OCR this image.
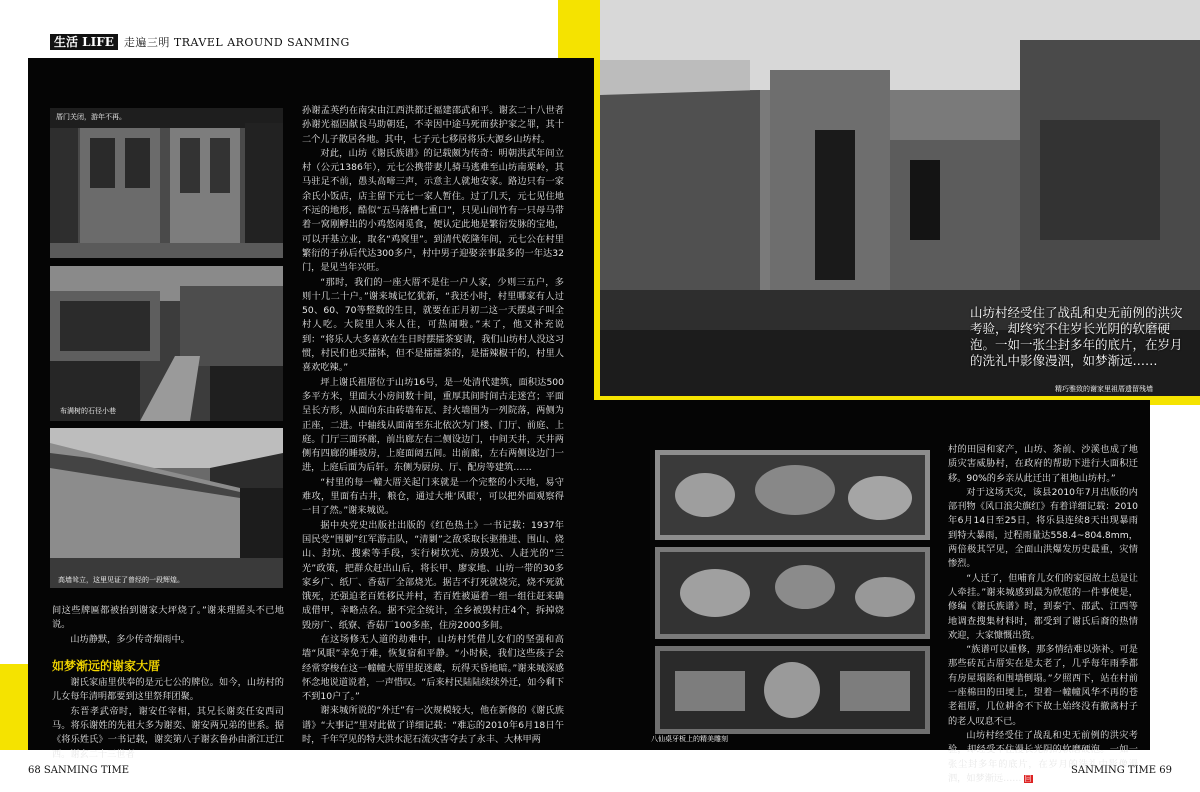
生活 LIFE 走遍三明 TRAVEL AROUND SANMING
厝门关闭，游年不再。
布满树的石径小巷
高墙耸立，这里见证了曾经的一段辉煌。

间这些牌匾都被抬到谢家大坪烧了。”谢来理摇头不已地说。

山坊静默，多少传奇烟雨中。

如梦渐远的谢家大厝

谢氏家庙里供奉的是元七公的牌位。如今，山坊村的儿女每年清明都要到这里祭拜团聚。

东晋孝武帝时，谢安任宰相，其兄长谢奕任安西司马。将乐谢姓的先祖大多为谢奕、谢安两兄弟的世系。据《将乐姓氏》一书记载，谢奕第八子谢玄鲁孙由浙江迁江西。谢玄二十三世者

孙谢孟英约在南宋由江西洪都迁福建邵武和平。谢玄二十八世者孙谢光福因献良马助朝廷，不幸因中途马死而获护家之罪，其十二个儿子散居各地。其中，七子元七移居将乐大源乡山坊村。

对此，山坊《谢氏族谱》的记载颇为传奇：明朝洪武年间立村（公元1386年），元七公携带妻儿骑马逃难至山坊南栗岭，其马驻足不前，愚头高啼三声，示意主人就地安家。路边只有一家余氏小饭店，店主留下元七一家人暂住。过了几天，元七见住地不远的地形，酷似“五马落槽七重口”，只见山间竹有一只母马带着一窝刚孵出的小鸡悠闲觅食，便认定此地是繁衍发脉的宝地，可以开基立业，取名“鸡窝里”。到清代乾隆年间，元七公在村里繁衍的子孙后代达300多户，村中男子迎娶亲事最多的一年达32门，是见当年兴旺。

“那时，我们的一座大厝不是住一户人家，少则三五户，多则十几二十户。”谢来城记忆犹新，“我还小时，村里哪家有人过50、60、70等整数的生日，就要在正月初二这一天摆桌子叫全村人吃。大院里人来人往，可热闹啦。”末了，他又补充说到：“将乐人大多喜欢在生日时摆擂茶宴请，我们山坊村人没这习惯，村民们也买擂钵，但不是擂擂茶的，是擂辣椒干的，村里人喜欢吃辣。”

坪上谢氏祖厝位于山坊16号，是一处清代建筑，面积达500多平方米，里面大小房间数十间，重厚其间时间古走迷宫；平面呈长方形，从面向东由砖墙布瓦、封火墙围为一列院落，两侧为正座，二进。中轴线从面南至东北依次为门楼、门厅、前庭、上庭。门厅三面环廊，前出廊左右二侧设边门，中间天井，天井两侧有四廊的睡坡房，上庭面阔五间。出前廊，左右两侧设边门一进，上庭后面为后轩。东侧为厨房、厅、配房等建筑……

“村里的每一幢大厝关起门来就是一个完整的小天地，易守难攻，里面有古井，粮仓，通过大堆‘风眼’，可以把外面观察得一目了然。”谢来城说。

据中央党史出版社出版的《红色热土》一书记载：1937年国民党“围剿”红军游击队，“清剿”之敌采取长驱推进、围山、烧山、封坑、搜索等手段，实行树坎光、房毁光、人赶光的“三光”政策，把群众赶出山后，将长甲、廖家地、山坊一带的30多家乡广、纸厂、香菇厂全部烧光。据吉不打死就烧完，烧不死就饿死，还强迫老百姓移民并村，若百姓被逼着一组一组往赶来确成借甲，幸略点名。据不完全统计，全乡被毁村庄4个，拆掉烧毁房广、纸寮、香菇厂100多座，住房2000多间。

在这场修无人道的劫难中，山坊村凭借儿女们的坚强和高墙“风眼”幸免于难，恢复宿和平静。“小时候，我们这些孩子会经常穿梭在这一幢幢大厝里捉迷藏，玩得天昏地暗。”谢来城深感怀念地说道说着，一声惜叹。“后来村民陆陆续续外迁，如今剩下不到10户了。”

谢来城所说的“外迁”有一次规模较大，他在新修的《谢氏族谱》“大事记”里对此做了详细记载：“难忘的2010年6月18日午时，千年罕见的特大洪水泥石流灾害夺去了永丰、大林甲两

山坊村经受住了战乱和史无前例的洪灾考验，却终究不住岁长光阴的软磨硬泡。一如一张尘封多年的底片，在岁月的洗礼中影像漫泗，如梦渐远……
精巧雅致的谢家里祖厝遗留残墙
八仙桌牙板上的精美雕刻

村的田园和家产，山坊、茶前、沙溪也成了地质灾害威胁村，在政府的帮助下进行大面积迁移。90%的乡亲从此迁出了祖地山坊村。”

对于这场天灾，该县2010年7月出版的内部刊物《风口浪尖旗红》有着详细记载：2010年6月14日至25日，将乐县连续8天出现暴雨到特大暴雨，过程雨量达558.4~804.8mm，两倍极其罕见，全面山洪爆发历史最重，灾情惨烈。

“人迁了，但哺育儿女们的家园故土总是让人牵挂。”谢来城感到最为欣慰的一件事便是，修编《谢氏族谱》时，到泰宁、邵武、江西等地调查搜集材料时，都受到了谢氏后裔的热情欢迎，大家慷慨出资。

“族谱可以重修，那多情结难以弥补。可是那些砖瓦古厝实在是太老了，几乎每年雨季都有房屋塌陷和围墙倒塌。”夕照西下，站在村前一座棉田的田埂上，望着一幢幢风华不再的苍老祖厝，几位耕舍不下故土始终没有撤离村子的老人叹息不已。

山坊村经受住了战乱和史无前例的洪灾考验，却经受不住漫长光阴的软磨硬泡。一如一张尘封多年的底片，在岁月的洗礼中影像漫泗，如梦渐远…… 回

68 SANMING TIME	SANMING TIME 69
